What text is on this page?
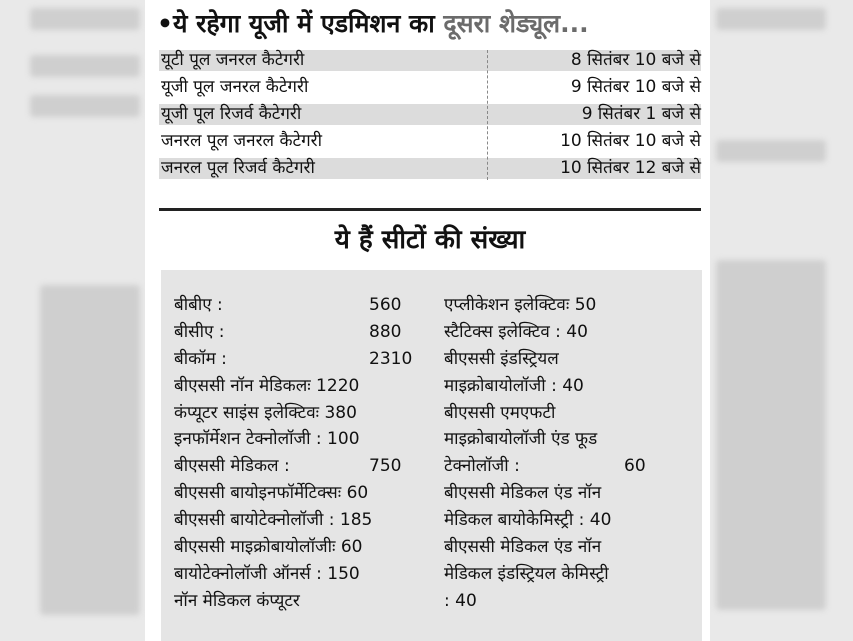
•ये रहेगा यूजी में एडमिशन का दूसरा शेड्यूल...
यूटी पूल जनरल कैटेगरी	8 सितंबर 10 बजे से
यूजी पूल जनरल कैटेगरी	9 सितंबर 10 बजे से
यूजी पूल रिजर्व कैटेगरी	9 सितंबर 1 बजे से
जनरल पूल जनरल कैटेगरी	10 सितंबर 10 बजे से
जनरल पूल रिजर्व कैटेगरी	10 सितंबर 12 बजे से
ये हैं सीटों की संख्या
बीबीए :	560
बीसीए :	880
बीकॉम :	2310
बीएससी नॉन मेडिकलः 1220
कंप्यूटर साइंस इलेक्टिवः 380
इनफॉर्मेशन टेक्नोलॉजी : 100
बीएससी मेडिकल :	750
बीएससी बायोइनफॉर्मेटिक्सः 60
बीएससी बायोटेक्नोलॉजी : 185
बीएससी माइक्रोबायोलॉजीः 60
बायोटेक्नोलॉजी ऑनर्स : 150
नॉन मेडिकल कंप्यूटर
एप्लीकेशन इलेक्टिवः 50
स्टैटिक्स इलेक्टिव : 40
बीएससी इंडस्ट्रियल
माइक्रोबायोलॉजी : 40
बीएससी एमएफटी
माइक्रोबायोलॉजी एंड फूड
टेक्नोलॉजी :	60
बीएससी मेडिकल एंड नॉन
मेडिकल बायोकेमिस्ट्री : 40
बीएससी मेडिकल एंड नॉन
मेडिकल इंडस्ट्रियल केमिस्ट्री
: 40
